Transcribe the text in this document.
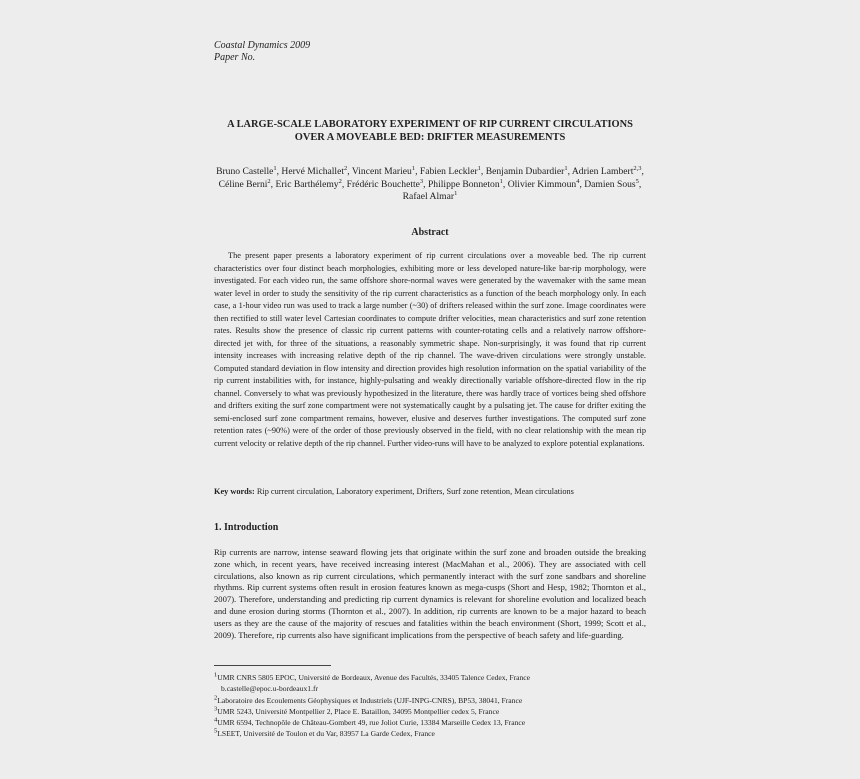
Coastal Dynamics 2009
Paper No.
A LARGE-SCALE LABORATORY EXPERIMENT OF RIP CURRENT CIRCULATIONS OVER A MOVEABLE BED: DRIFTER MEASUREMENTS
Bruno Castelle$^1$, Hervé Michallet$^2$, Vincent Marieu$^1$, Fabien Leckler$^1$, Benjamin Dubardier$^1$, Adrien Lambert$^{2,3}$, Céline Berni$^2$, Eric Barthélemy$^2$, Frédéric Bouchette$^3$, Philippe Bonneton$^1$, Olivier Kimmoun$^4$, Damien Sous$^5$, Rafael Almar$^1$
Abstract

The present paper presents a laboratory experiment of rip current circulations over a moveable bed. The rip current characteristics over four distinct beach morphologies, exhibiting more or less developed nature-like bar-rip morphology, were investigated. For each video run, the same offshore shore-normal waves were generated by the wavemaker with the same mean water level in order to study the sensitivity of the rip current characteristics as a function of the beach morphology only. In each case, a 1-hour video run was used to track a large number (~30) of drifters released within the surf zone. Image coordinates were then rectified to still water level Cartesian coordinates to compute drifter velocities, mean characteristics and surf zone retention rates. Results show the presence of classic rip current patterns with counter-rotating cells and a relatively narrow offshore-directed jet with, for three of the situations, a reasonably symmetric shape. Non-surprisingly, it was found that rip current intensity increases with increasing relative depth of the rip channel. The wave-driven circulations were strongly unstable. Computed standard deviation in flow intensity and direction provides high resolution information on the spatial variability of the rip current instabilities with, for instance, highly-pulsating and weakly directionally variable offshore-directed flow in the rip channel. Conversely to what was previously hypothesized in the literature, there was hardly trace of vortices being shed offshore and drifters exiting the surf zone compartment were not systematically caught by a pulsating jet. The cause for drifter exiting the semi-enclosed surf zone compartment remains, however, elusive and deserves further investigations. The computed surf zone retention rates (~90%) were of the order of those previously observed in the field, with no clear relationship with the mean rip current velocity or relative depth of the rip channel. Further video-runs will have to be analyzed to explore potential explanations.

Key words: Rip current circulation, Laboratory experiment, Drifters, Surf zone retention, Mean circulations
1. Introduction

Rip currents are narrow, intense seaward flowing jets that originate within the surf zone and broaden outside the breaking zone which, in recent years, have received increasing interest (MacMahan et al., 2006). They are associated with cell circulations, also known as rip current circulations, which permanently interact with the surf zone sandbars and shoreline rhythms. Rip current systems often result in erosion features known as mega-cusps (Short and Hesp, 1982; Thornton et al., 2007). Therefore, understanding and predicting rip current dynamics is relevant for shoreline evolution and localized beach and dune erosion during storms (Thornton et al., 2007). In addition, rip currents are known to be a major hazard to beach users as they are the cause of the majority of rescues and fatalities within the beach environment (Short, 1999; Scott et al., 2009). Therefore, rip currents also have significant implications from the perspective of beach safety and life-guarding.

$^1$UMR CNRS 5805 EPOC, Université de Bordeaux, Avenue des Facultés, 33405 Talence Cedex, France
b.castelle@epoc.u-bordeaux1.fr
$^2$Laboratoire des Ecoulements Géophysiques et Industriels (UJF-INPG-CNRS), BP53, 38041, France
$^3$UMR 5243, Université Montpellier 2, Place E. Bataillon, 34095 Montpellier cedex 5, France
$^4$UMR 6594, Technopôle de Château-Gombert 49, rue Joliot Curie, 13384 Marseille Cedex 13, France
$^5$LSEET, Université de Toulon et du Var, 83957 La Garde Cedex, France
